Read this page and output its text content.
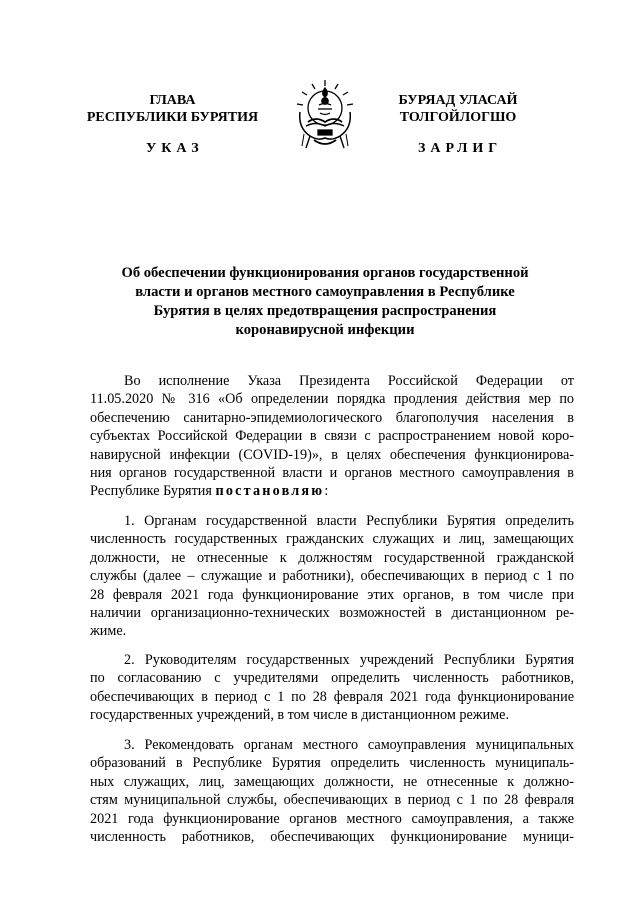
ГЛАВА
РЕСПУБЛИКИ БУРЯТИЯ
БУРЯАД УЛАСАЙ
ТОЛГОЙЛОГШО
УКАЗ	ЗАРЛИГ
Об обеспечении функционирования органов государственной
власти и органов местного самоуправления в Республике
Бурятия в целях предотвращения распространения
коронавирусной инфекции
Во исполнение Указа Президента Российской Федерации от
11.05.2020 № 316 «Об определении порядка продления действия мер по
обеспечению санитарно-эпидемиологического благополучия населения в
субъектах Российской Федерации в связи с распространением новой коро-
навирусной инфекции (COVID-19)», в целях обеспечения функционирова-
ния органов государственной власти и органов местного самоуправления в
Республике Бурятия постановляю:
1. Органам государственной власти Республики Бурятия определить
численность государственных гражданских служащих и лиц, замещающих
должности, не отнесенные к должностям государственной гражданской
службы (далее – служащие и работники), обеспечивающих в период с 1 по
28 февраля 2021 года функционирование этих органов, в том числе при
наличии организационно-технических возможностей в дистанционном ре-
жиме.
2. Руководителям государственных учреждений Республики Бурятия
по согласованию с учредителями определить численность работников,
обеспечивающих в период с 1 по 28 февраля 2021 года функционирование
государственных учреждений, в том числе в дистанционном режиме.
3. Рекомендовать органам местного самоуправления муниципальных
образований в Республике Бурятия определить численность муниципаль-
ных служащих, лиц, замещающих должности, не отнесенные к должно-
стям муниципальной службы, обеспечивающих в период с 1 по 28 февраля
2021 года функционирование органов местного самоуправления, а также
численность работников, обеспечивающих функционирование муници-
